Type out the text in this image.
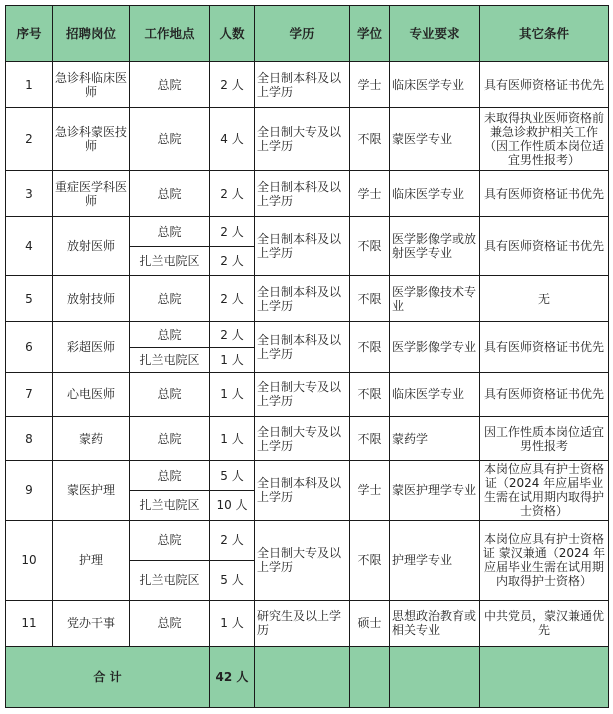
序号	招聘岗位	工作地点	人数	学历	学位	专业要求	其它条件
1	急诊科临床医师	总院	2 人	全日制本科及以上学历	学士	临床医学专业	具有医师资格证书优先
2	急诊科蒙医技师	总院	4 人	全日制大专及以上学历	不限	蒙医学专业	未取得执业医师资格前兼急诊救护相关工作（因工作性质本岗位适宜男性报考）
3	重症医学科医师	总院	2 人	全日制本科及以上学历	学士	临床医学专业	具有医师资格证书优先
4	放射医师	总院	2 人	全日制本科及以上学历	不限	医学影像学或放射医学专业	具有医师资格证书优先
		扎兰屯院区	2 人				
5	放射技师	总院	2 人	全日制本科及以上学历	不限	医学影像技术专业	无
6	彩超医师	总院	2 人	全日制本科及以上学历	不限	医学影像学专业	具有医师资格证书优先
		扎兰屯院区	1 人				
7	心电医师	总院	1 人	全日制大专及以上学历	不限	临床医学专业	具有医师资格证书优先
8	蒙药	总院	1 人	全日制大专及以上学历	不限	蒙药学	因工作性质本岗位适宜男性报考
9	蒙医护理	总院	5 人	全日制本科及以上学历	学士	蒙医护理学专业	本岗位应具有护士资格证（2024 年应届毕业生需在试用期内取得护士资格）
		扎兰屯院区	10 人				
10	护理	总院	2 人	全日制大专及以上学历	不限	护理学专业	本岗位应具有护士资格证 蒙汉兼通（2024 年应届毕业生需在试用期内取得护士资格）
		扎兰屯院区	5 人				
11	党办干事	总院	1 人	研究生及以上学历	硕士	思想政治教育或相关专业	中共党员，蒙汉兼通优先
合 计			42 人				
